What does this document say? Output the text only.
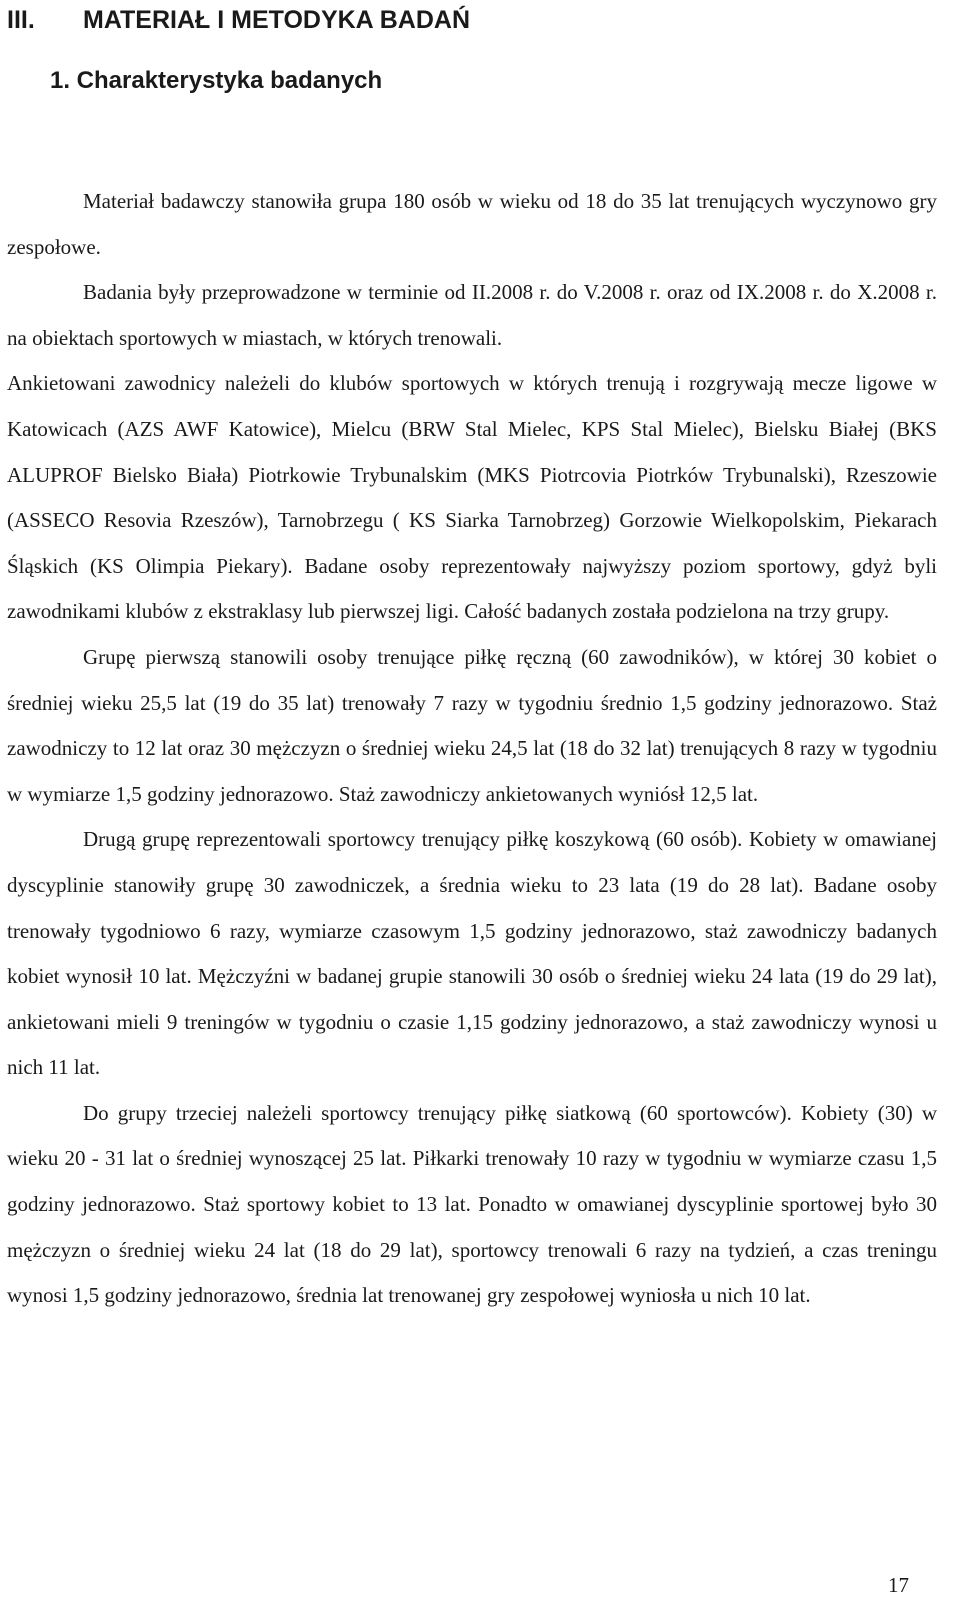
III. MATERIAŁ I METODYKA BADAŃ
1. Charakterystyka badanych

Materiał badawczy stanowiła grupa 180 osób w wieku od 18 do 35 lat trenujących wyczynowo gry zespołowe.

Badania były przeprowadzone w terminie od II.2008 r. do V.2008 r. oraz od IX.2008 r. do X.2008 r. na obiektach sportowych w miastach, w których trenowali.

Ankietowani zawodnicy należeli do klubów sportowych w których trenują i rozgrywają mecze ligowe w Katowicach (AZS AWF Katowice), Mielcu (BRW Stal Mielec, KPS Stal Mielec), Bielsku Białej (BKS ALUPROF Bielsko Biała) Piotrkowie Trybunalskim (MKS Piotrcovia Piotrków Trybunalski), Rzeszowie (ASSECO Resovia Rzeszów), Tarnobrzegu ( KS Siarka Tarnobrzeg) Gorzowie Wielkopolskim, Piekarach Śląskich (KS Olimpia Piekary). Badane osoby reprezentowały najwyższy poziom sportowy, gdyż byli zawodnikami klubów z ekstraklasy lub pierwszej ligi. Całość badanych została podzielona na trzy grupy.

Grupę pierwszą stanowili osoby trenujące piłkę ręczną (60 zawodników), w której 30 kobiet o średniej wieku 25,5 lat (19 do 35 lat) trenowały 7 razy w tygodniu średnio 1,5 godziny jednorazowo. Staż zawodniczy to 12 lat oraz 30 mężczyzn o średniej wieku 24,5 lat (18 do 32 lat) trenujących 8 razy w tygodniu w wymiarze 1,5 godziny jednorazowo. Staż zawodniczy ankietowanych wyniósł 12,5 lat.

Drugą grupę reprezentowali sportowcy trenujący piłkę koszykową (60 osób). Kobiety w omawianej dyscyplinie stanowiły grupę 30 zawodniczek, a średnia wieku to 23 lata (19 do 28 lat). Badane osoby trenowały tygodniowo 6 razy, wymiarze czasowym 1,5 godziny jednorazowo, staż zawodniczy badanych kobiet wynosił 10 lat. Mężczyźni w badanej grupie stanowili 30 osób o średniej wieku 24 lata (19 do 29 lat), ankietowani mieli 9 treningów w tygodniu o czasie 1,15 godziny jednorazowo, a staż zawodniczy wynosi u nich 11 lat.

Do grupy trzeciej należeli sportowcy trenujący piłkę siatkową (60 sportowców). Kobiety (30) w wieku 20 - 31 lat o średniej wynoszącej 25 lat. Piłkarki trenowały 10 razy w tygodniu w wymiarze czasu 1,5 godziny jednorazowo. Staż sportowy kobiet to 13 lat. Ponadto w omawianej dyscyplinie sportowej było 30 mężczyzn o średniej wieku 24 lat (18 do 29 lat), sportowcy trenowali 6 razy na tydzień, a czas treningu wynosi 1,5 godziny jednorazowo, średnia lat trenowanej gry zespołowej wyniosła u nich 10 lat.

17
